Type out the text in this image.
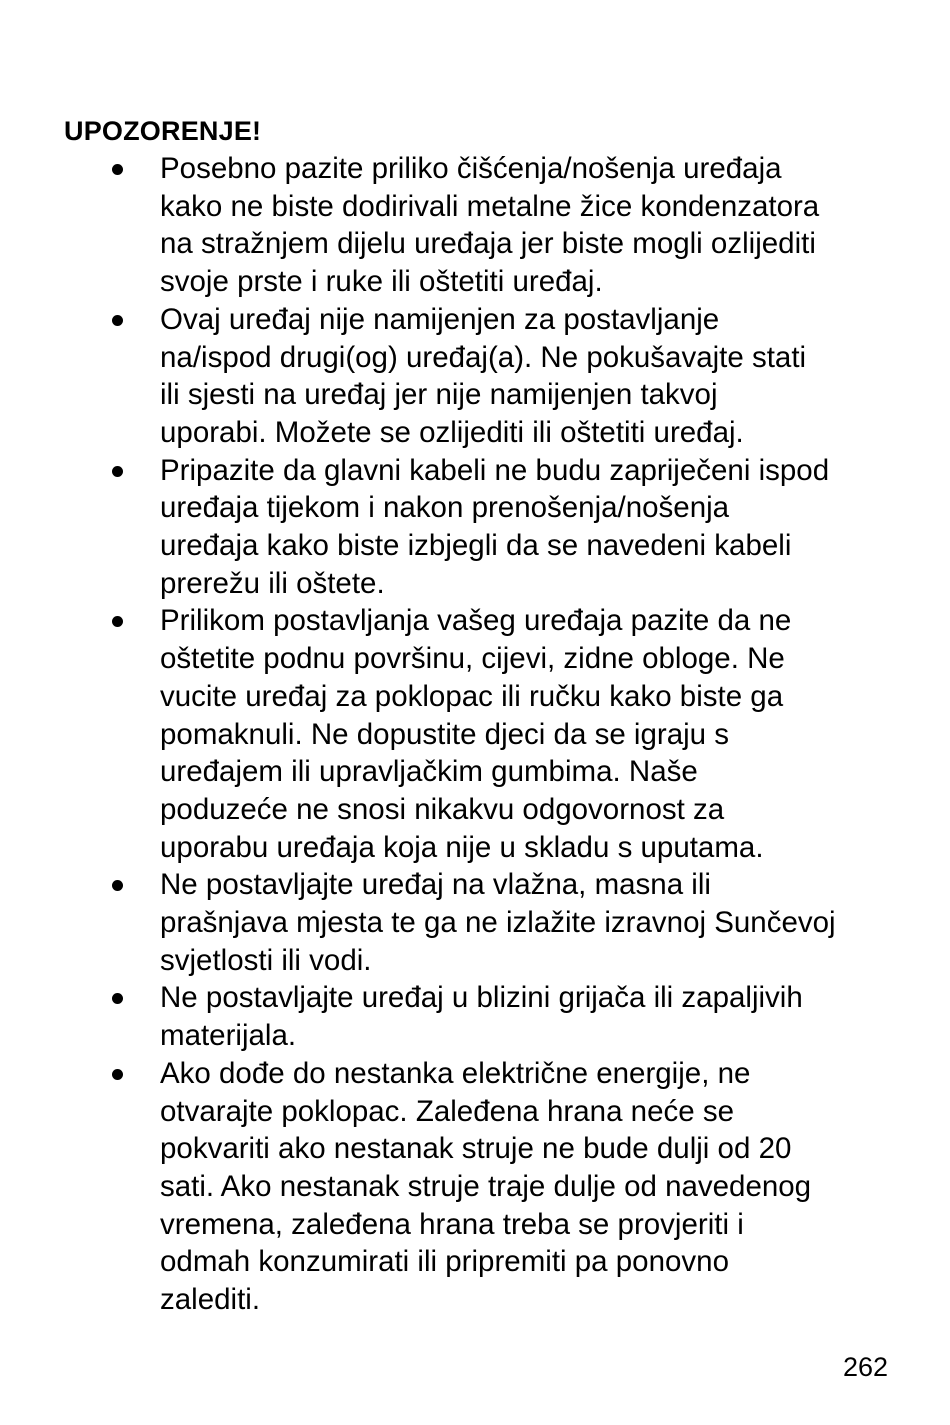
UPOZORENJE!
Posebno pazite priliko čišćenja/nošenja uređaja
kako ne biste dodirivali metalne žice kondenzatora
na stražnjem dijelu uređaja jer biste mogli ozlijediti
svoje prste i ruke ili oštetiti uređaj.
Ovaj uređaj nije namijenjen za postavljanje
na/ispod drugi(og) uređaj(a). Ne pokušavajte stati
ili sjesti na uređaj jer nije namijenjen takvoj
uporabi. Možete se ozlijediti ili oštetiti uređaj.
Pripazite da glavni kabeli ne budu zapriječeni ispod
uređaja tijekom i nakon prenošenja/nošenja
uređaja kako biste izbjegli da se navedeni kabeli
prerežu ili oštete.
Prilikom postavljanja vašeg uređaja pazite da ne
oštetite podnu površinu, cijevi, zidne obloge. Ne
vucite uređaj za poklopac ili ručku kako biste ga
pomaknuli. Ne dopustite djeci da se igraju s
uređajem ili upravljačkim gumbima. Naše
poduzeće ne snosi nikakvu odgovornost za
uporabu uređaja koja nije u skladu s uputama.
Ne postavljajte uređaj na vlažna, masna ili
prašnjava mjesta te ga ne izlažite izravnoj Sunčevoj
svjetlosti ili vodi.
Ne postavljajte uređaj u blizini grijača ili zapaljivih
materijala.
Ako dođe do nestanka električne energije, ne
otvarajte poklopac. Zaleđena hrana neće se
pokvariti ako nestanak struje ne bude dulji od 20
sati. Ako nestanak struje traje dulje od navedenog
vremena, zaleđena hrana treba se provjeriti i
odmah konzumirati ili pripremiti pa ponovno
zalediti.
262
